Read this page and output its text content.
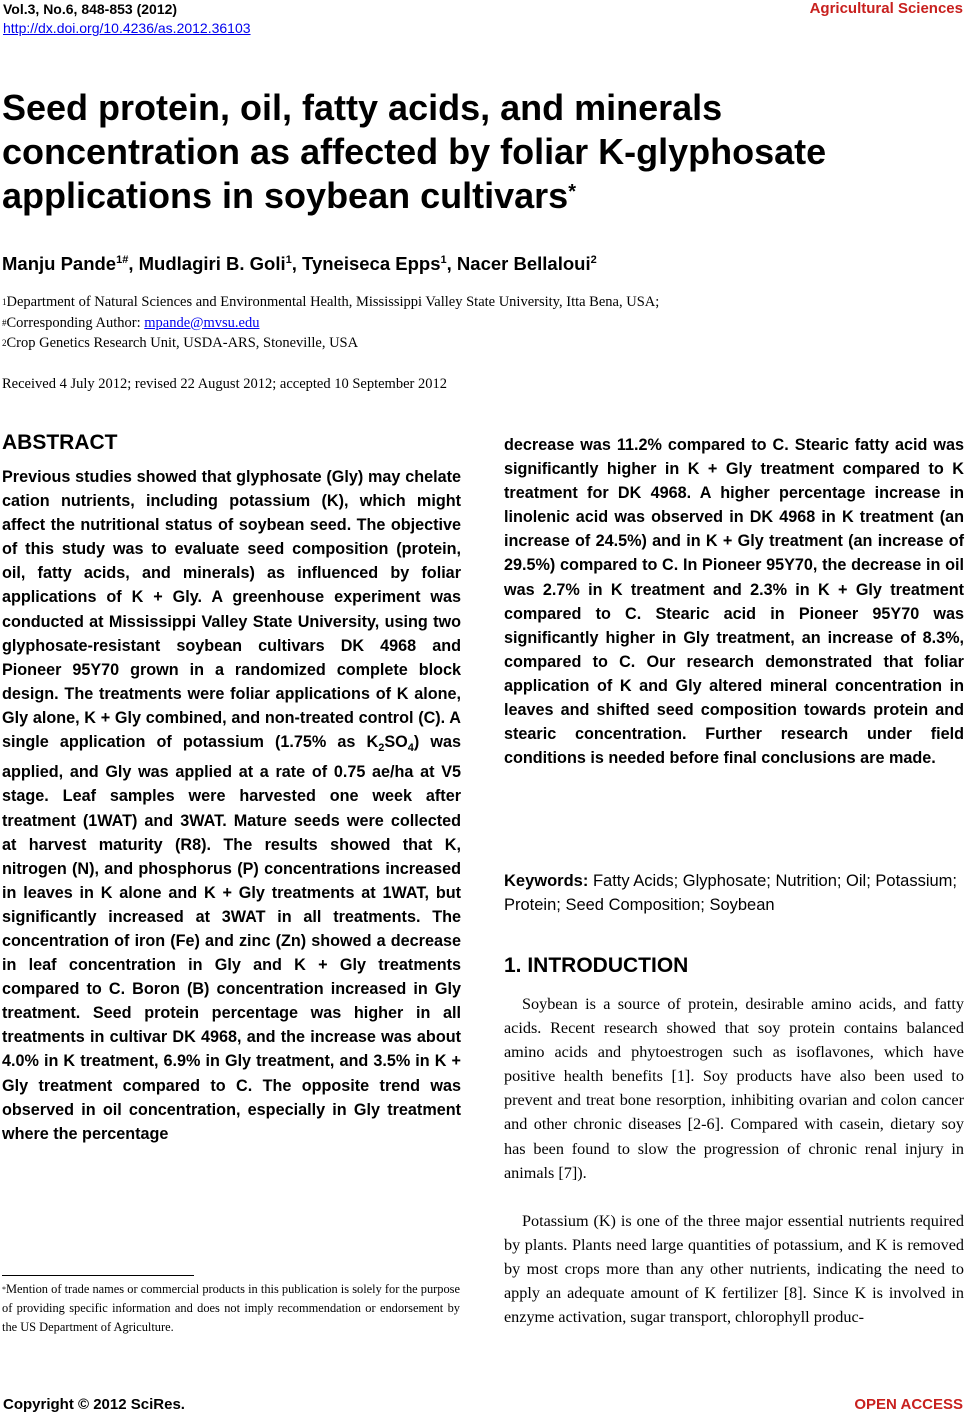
Vol.3, No.6, 848-853 (2012)
http://dx.doi.org/10.4236/as.2012.36103
Agricultural Sciences

Seed protein, oil, fatty acids, and minerals

concentration as affected by foliar K-glyphosate

applications in soybean cultivars*

Manju Pande$^{1\#}$, Mudlagiri B. Goli$^1$, Tyneiseca Epps$^1$, Nacer Bellaloui$^2$

$^1$Department of Natural Sciences and Environmental Health, Mississippi Valley State University, Itta Bena, USA;

#Corresponding Author: mpande@mvsu.edu

$^2$Crop Genetics Research Unit, USDA-ARS, Stoneville, USA

Received 4 July 2012; revised 22 August 2012; accepted 10 September 2012
ABSTRACT

Previous studies showed that glyphosate (Gly) may chelate cation nutrients, including potassium (K), which might affect the nutritional status of soybean seed. The objective of this study was to evaluate seed composition (protein, oil, fatty acids, and minerals) as influenced by foliar applications of K + Gly. A greenhouse experiment was conducted at Mississippi Valley State University, using two glyphosate-resistant soybean cultivars DK 4968 and Pioneer 95Y70 grown in a randomized complete block design. The treatments were foliar applications of K alone, Gly alone, K + Gly combined, and non-treated control (C). A single application of potassium (1.75% as $K_2SO_4$) was applied, and Gly was applied at a rate of 0.75 ae/ha at V5 stage. Leaf samples were harvested one week after treatment (1WAT) and 3WAT. Mature seeds were collected at harvest maturity (R8). The results showed that K, nitrogen (N), and phosphorus (P) concentrations increased in leaves in K alone and K + Gly treatments at 1WAT, but significantly increased at 3WAT in all treatments. The concentration of iron (Fe) and zinc (Zn) showed a decrease in leaf concentration in Gly and K + Gly treatments compared to C. Boron (B) concentration increased in Gly treatment. Seed protein percentage was higher in all treatments in cultivar DK 4968, and the increase was about 4.0% in K treatment, 6.9% in Gly treatment, and 3.5% in K + Gly treatment compared to C. The opposite trend was observed in oil concentration, especially in Gly treatment where the percentage

decrease was 11.2% compared to C. Stearic fatty acid was significantly higher in K + Gly treatment compared to K treatment for DK 4968. A higher percentage increase in linolenic acid was observed in DK 4968 in K treatment (an increase of 24.5%) and in K + Gly treatment (an increase of 29.5%) compared to C. In Pioneer 95Y70, the decrease in oil was 2.7% in K treatment and 2.3% in K + Gly treatment compared to C. Stearic acid in Pioneer 95Y70 was significantly higher in Gly treatment, an increase of 8.3%, compared to C. Our research demonstrated that foliar application of K and Gly altered mineral concentration in leaves and shifted seed composition towards protein and stearic concentration. Further research under field conditions is needed before final conclusions are made.

Keywords: Fatty Acids; Glyphosate; Nutrition; Oil; Potassium; Protein; Seed Composition; Soybean

1. INTRODUCTION

Soybean is a source of protein, desirable amino acids, and fatty acids. Recent research showed that soy protein contains balanced amino acids and phytoestrogen such as isoflavones, which have positive health benefits [1]. Soy products have also been used to prevent and treat bone resorption, inhibiting ovarian and colon cancer and other chronic diseases [2-6]. Compared with casein, dietary soy has been found to slow the progression of chronic renal injury in animals [7]).

Potassium (K) is one of the three major essential nutrients required by plants. Plants need large quantities of potassium, and K is removed by most crops more than any other nutrients, indicating the need to apply an adequate amount of K fertilizer [8]. Since K is involved in enzyme activation, sugar transport, chlorophyll produc-

*Mention of trade names or commercial products in this publication is solely for the purpose of providing specific information and does not imply recommendation or endorsement by the US Department of Agriculture.

Copyright © 2012 SciRes.	OPEN ACCESS
